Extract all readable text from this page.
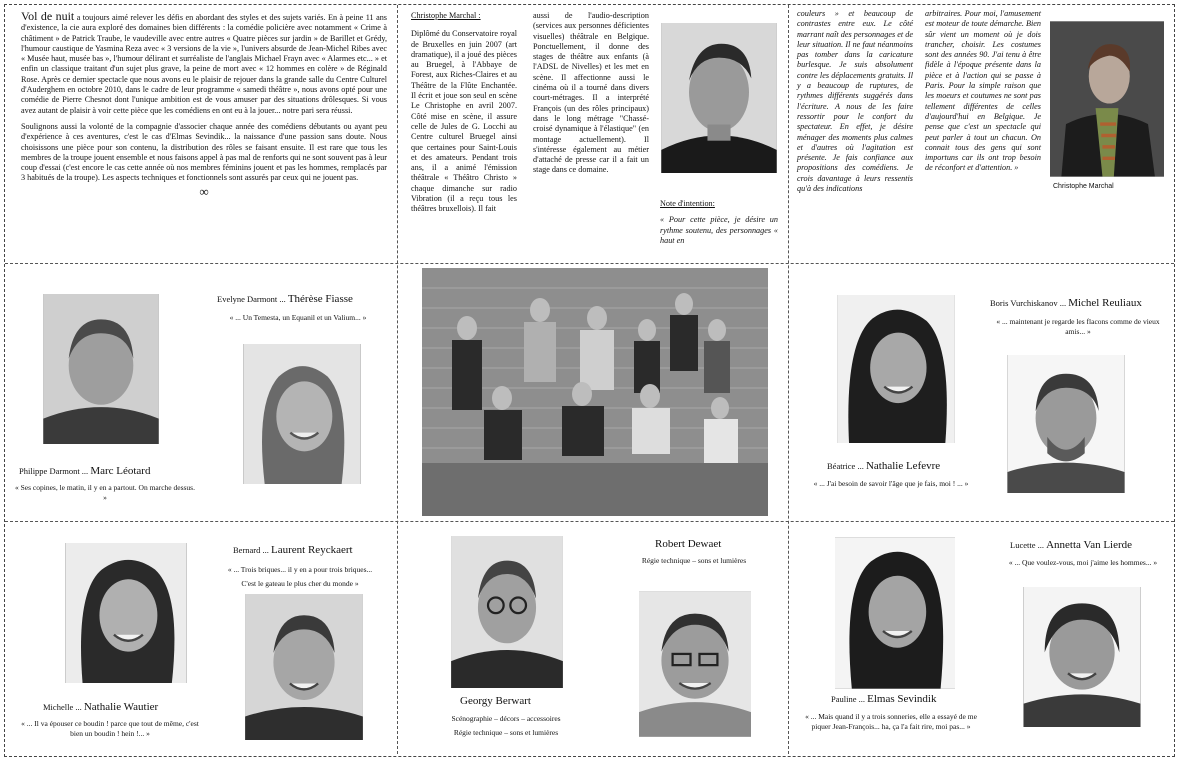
Vol de nuit a toujours aimé relever les défis en abordant des styles et des sujets variés. En à peine 11 ans d'existence, la cie aura exploré des domaines bien différents : la comédie policière avec notamment « Crime à châtiment » de Patrick Traube, le vaudeville avec entre autres « Quatre pièces sur jardin » de Barillet et Grédy, l'humour caustique de Yasmina Reza avec « 3 versions de la vie », l'univers absurde de Jean-Michel Ribes avec « Musée haut, musée bas », l'humour délirant et surréaliste de l'anglais Michael Frayn avec « Alarmes etc... » et enfin un classique traitant d'un sujet plus grave, la peine de mort avec « 12 hommes en colère » de Réginald Rose. Après ce dernier spectacle que nous avons eu le plaisir de rejouer dans la grande salle du Centre Culturel d'Auderghem en octobre 2010, dans le cadre de leur programme « samedi théâtre », nous avons opté pour une comédie de Pierre Chesnot dont l'unique ambition est de vous amuser par des situations drôlesques. Si vous avez autant de plaisir à voir cette pièce que les comédiens en ont eu à la jouer... notre pari sera réussi.

Soulignons aussi la volonté de la compagnie d'associer chaque année des comédiens débutants ou ayant peu d'expérience à ces aventures, c'est le cas d'Elmas Sevindik... la naissance d'une passion sans doute. Nous choisissons une pièce pour son contenu, la distribution des rôles se faisant ensuite. Il est rare que tous les membres de la troupe jouent ensemble et nous faisons appel à pas mal de renforts qui ne sont souvent pas à leur coup d'essai (c'est encore le cas cette année où nos membres féminins jouent et pas les hommes, remplacés par 3 habitués de la troupe). Les aspects techniques et fonctionnels sont assurés par ceux qui ne jouent pas.

∞
Christophe Marchal :

Diplômé du Conservatoire royal de Bruxelles en juin 2007 (art dramatique), il a joué des pièces au Bruegel, à l'Abbaye de Forest, aux Riches-Claires et au Théâtre de la Flûte Enchantée. Il écrit et joue son seul en scène Le Christophe en avril 2007. Côté mise en scène, il assure celle de Jules de G. Locchi au Centre culturel Bruegel ainsi que certaines pour Saint-Louis et des amateurs. Pendant trois ans, il a animé l'émission théâtrale « Théâtro Christo » chaque dimanche sur radio Vibration (il a reçu tous les théâtres bruxellois). Il fait

aussi de l'audio-description (services aux personnes déficientes visuelles) théâtrale en Belgique. Ponctuellement, il donne des stages de théâtre aux enfants (à l'ADSL de Nivelles) et les met en scène. Il affectionne aussi le cinéma où il a tourné dans divers court-métrages. Il a interprété François (un des rôles principaux) dans le long métrage "Chassé-croisé dynamique à l'élastique" (en montage actuellement). Il s'intéresse également au métier d'attaché de presse car il a fait un stage dans ce domaine.

Note d'intention:

« Pour cette pièce, je désire un rythme soutenu, des personnages « haut en

couleurs » et beaucoup de contrastes entre eux. Le côté marrant naît des personnages et de leur situation. Il ne faut néanmoins pas tomber dans la caricature burlesque. Je suis absolument contre les déplacements gratuits. Il y a beaucoup de ruptures, de rythmes différents suggérés dans l'écriture. A nous de les faire ressortir pour le confort du spectateur. En effet, je désire ménager des moments plus calmes et d'autres où l'agitation est présente. Je fais confiance aux propositions des comédiens. Je crois davantage à leurs ressentis qu'à des indications

arbitraires. Pour moi, l'amusement est moteur de toute démarche. Bien sûr vient un moment où je dois trancher, choisir. Les costumes sont des années 90. J'ai tenu à être fidèle à l'époque présente dans la pièce et à l'action qui se passe à Paris. Pour la simple raison que les moeurs et coutumes ne sont pas tellement différentes de celles d'aujourd'hui en Belgique. Je pense que c'est un spectacle qui peut parler à tout un chacun. On connait tous des gens qui sont importuns car ils ont trop besoin de réconfort et d'attention. »

Christophe Marchal
Evelyne Darmont ... Thérèse Fiasse
« ... Un Temesta, un Equanil et un Valium... »
Philippe Darmont ... Marc Léotard
« Ses copines, le matin, il y en a partout. On marche dessus. »
Boris Vurchiskanov ... Michel Reuliaux
« ... maintenant je regarde les flacons comme de vieux amis... »
Béatrice ... Nathalie Lefevre
« ... J'ai besoin de savoir l'âge que je fais, moi ! ... »
Bernard ... Laurent Reyckaert
« ... Trois briques... il y en a pour trois briques...
C'est le gateau le plus cher du monde »
Michelle ... Nathalie Wautier
« ... Il va épouser ce boudin ! parce que tout de même, c'est bien un boudin ! hein !... »
Robert Dewaet
Régie technique – sons et lumières
Georgy Berwart
Scénographie – décors – accessoires
Régie technique – sons et lumières
Lucette ... Annetta Van Lierde
« ... Que voulez-vous, moi j'aime les hommes... »
Pauline ... Elmas Sevindik
« ... Mais quand il y a trois sonneries, elle a essayé de me piquer Jean-François... ha, ça l'a fait rire, moi pas... »
